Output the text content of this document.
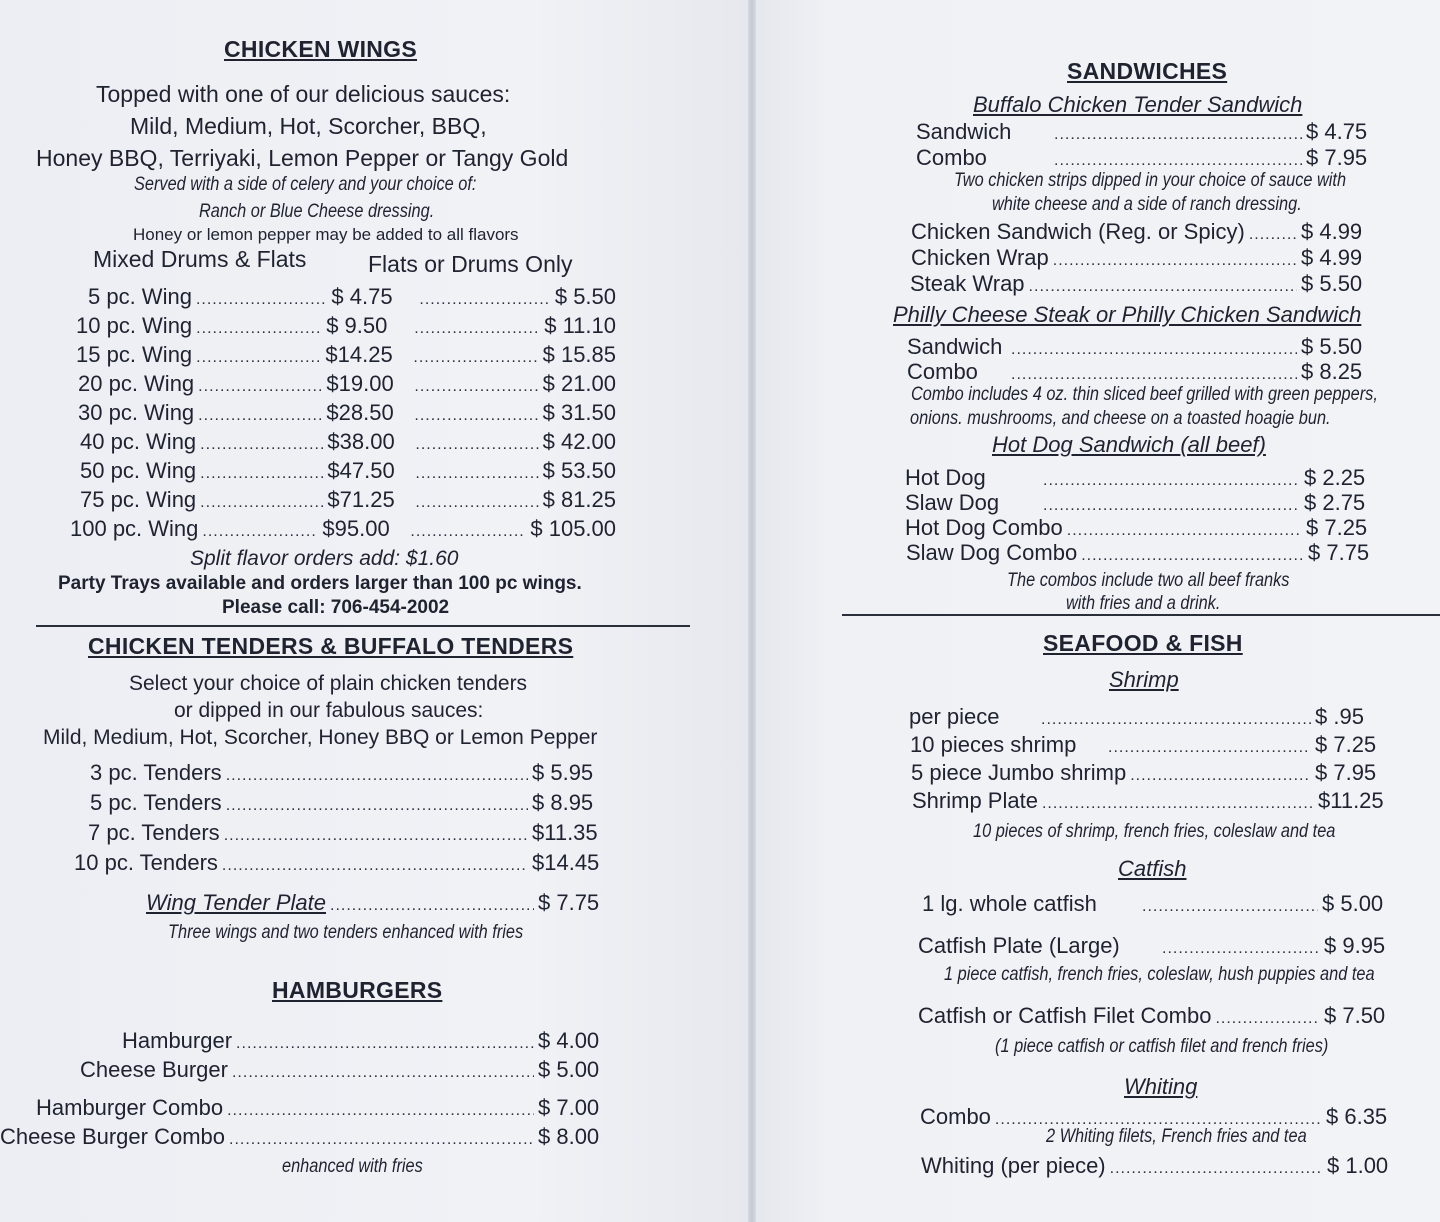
CHICKEN WINGS
Topped with one of our delicious sauces:
Mild, Medium, Hot, Scorcher, BBQ,
Honey BBQ, Terriyaki, Lemon Pepper or Tangy Gold
Served with a side of celery and your choice of:
Ranch or Blue Cheese dressing.
Honey or lemon pepper may be added to all flavors
Mixed Drums & Flats	Flats or Drums Only
5 pc. Wing .....	$ 4.75 .....	$ 5.50
10 pc. Wing .....	$ 9.50 .....	$ 11.10
15 pc. Wing .....	$14.25 .....	$ 15.85
20 pc. Wing .....	$19.00 .....	$ 21.00
30 pc. Wing .....	$28.50 .....	$ 31.50
40 pc. Wing .....	$38.00 .....	$ 42.00
50 pc. Wing .....	$47.50 .....	$ 53.50
75 pc. Wing .....	$71.25 .....	$ 81.25
100 pc. Wing .....	$95.00 .....	$ 105.00
Split flavor orders add: $1.60
Party Trays available and orders larger than 100 pc wings.
Please call: 706-454-2002
CHICKEN TENDERS & BUFFALO TENDERS
Select your choice of plain chicken tenders
or dipped in our fabulous sauces:
Mild, Medium, Hot, Scorcher, Honey BBQ or Lemon Pepper
3 pc. Tenders .....	$ 5.95
5 pc. Tenders .....	$ 8.95
7 pc. Tenders .....	$11.35
10 pc. Tenders .....	$14.45
Wing Tender Plate .....	$ 7.75
Three wings and two tenders enhanced with fries
HAMBURGERS
Hamburger .....	$ 4.00
Cheese Burger .....	$ 5.00
Hamburger Combo .....	$ 7.00
Cheese Burger Combo .....	$ 8.00
enhanced with fries
SANDWICHES
Buffalo Chicken Tender Sandwich
Sandwich .....	$ 4.75
Combo .....	$ 7.95
Two chicken strips dipped in your choice of sauce with
white cheese and a side of ranch dressing.
Chicken Sandwich (Reg. or Spicy) .....	$ 4.99
Chicken Wrap .....	$ 4.99
Steak Wrap .....	$ 5.50
Philly Cheese Steak or Philly Chicken Sandwich
Sandwich .....	$ 5.50
Combo .....	$ 8.25
Combo includes 4 oz. thin sliced beef grilled with green peppers,
onions. mushrooms, and cheese on a toasted hoagie bun.
Hot Dog Sandwich (all beef)
Hot Dog .....	$ 2.25
Slaw Dog .....	$ 2.75
Hot Dog Combo .....	$ 7.25
Slaw Dog Combo .....	$ 7.75
The combos include two all beef franks
with fries and a drink.
SEAFOOD & FISH
Shrimp
per piece .....	$ .95
10 pieces shrimp .....	$ 7.25
5 piece Jumbo shrimp .....	$ 7.95
Shrimp Plate .....	$11.25
10 pieces of shrimp, french fries, coleslaw and tea
Catfish
1 lg. whole catfish .....	$ 5.00
Catfish Plate (Large) .....	$ 9.95
1 piece catfish, french fries, coleslaw, hush puppies and tea
Catfish or Catfish Filet Combo .....	$ 7.50
(1 piece catfish or catfish filet and french fries)
Whiting
Combo .....	$ 6.35
2 Whiting filets, French fries and tea
Whiting (per piece) .....	$ 1.00
